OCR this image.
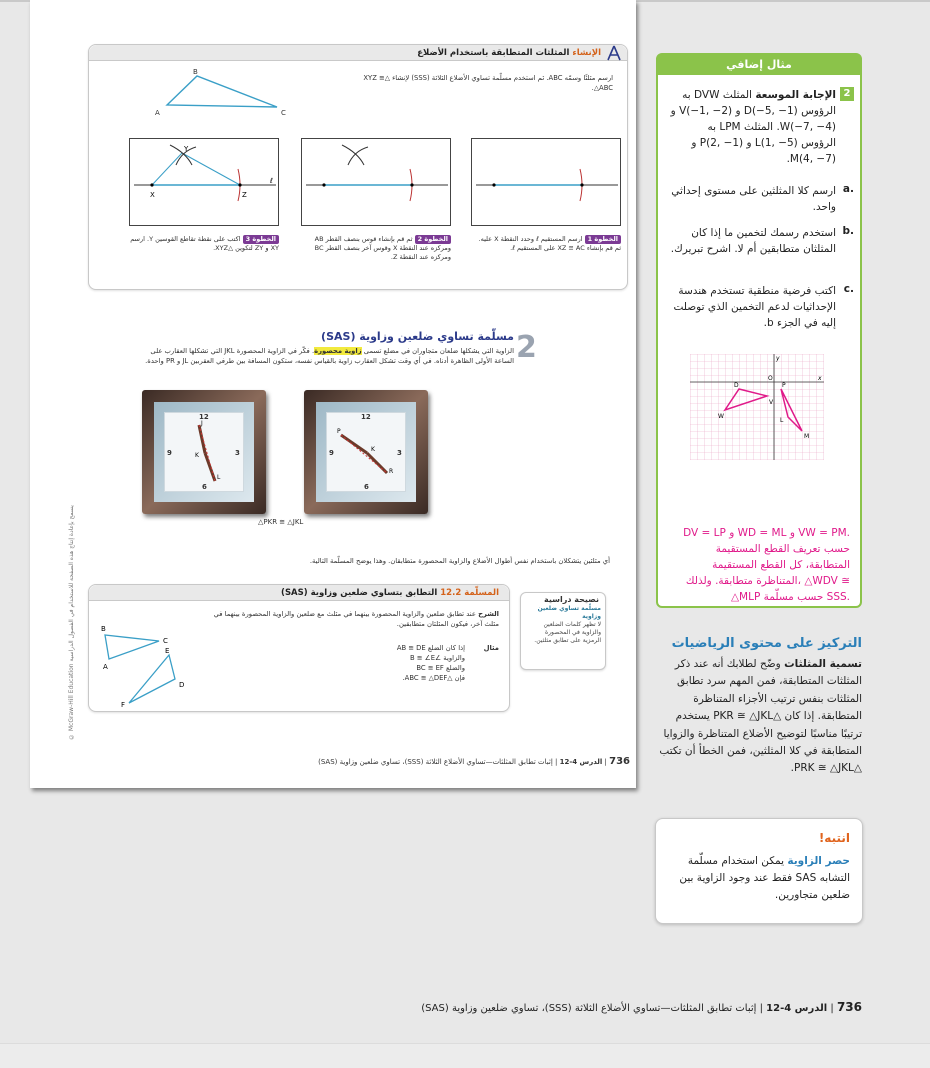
© McGraw-Hill Education يسمح بإعادة إنتاج هذه الصفحة للاستخدام في الفصول الدراسية
الإنشاء المثلثات المتطابقة باستخدام الأضلاع
ارسم مثلثًا وسمّه ABC. ثم استخدم مسلّمة تساوي الأضلاع الثلاثة (SSS) لإنشاء △XYZ ≅ △ABC.
B
A	C
X	Z
ℓ
Y
الخطوة 3 اكتب على نقطة تقاطع القوسين Y. ارسم XY و ZY لتكوين △XYZ.
الخطوة 2 ثم قم بإنشاء قوس بنصف القطر AB ومركزه عند النقطة X وقوس آخر بنصف القطر BC ومركزه عند النقطة Z.
الخطوة 1 ارسم المستقيم ℓ وحدد النقطة X عليه. ثم قم بإنشاء XZ ≅ AC على المستقيم ℓ.
2
مسلّمة تساوي ضلعين وزاوية (SAS)
الزاوية التي يشكلها ضلعان متجاوران في مضلع تسمى زاوية محصورة. فكّر في الزاوية المحصورة JKL التي تشكلها العقارب على الساعة الأولى الظاهرة أدناه. في أي وقت تشكل العقارب زاوية بالقياس نفسه، ستكون المسافة بين طرفي العقربين JL و PR واحدة.
12
3
6
9
J
K
L
12
3
6
9
P
K
R
△PKR ≅ △JKL
أي مثلثين يتشكلان باستخدام نفس أطوال الأضلاع والزاوية المحصورة متطابقان. وهذا يوضح المسلّمة التالية.
المسلّمة 12.2 التطابق بتساوي ضلعين وزاوية (SAS)
الشرح عند تطابق ضلعين والزاوية المحصورة بينهما في مثلث مع ضلعين والزاوية المحصورة بينهما في مثلث آخر، فيكون المثلثان متطابقين.
مثال
إذا كان الضلع AB ≅ DE
والزاوية ∠B ≅ ∠E
والضلع BC ≅ EF
فإن △ABC ≅ △DEF.
B
C
A
E
F
D
نصيحة دراسية
مسلّمة تساوي ضلعين وزاوية
لا تظهر كلمات الضلعين والزاوية في المحصورة الرمزية على تطابق مثلثين.
736 | الدرس 4-12 | إثبات تطابق المثلثات—تساوي الأضلاع الثلاثة (SSS)، تساوي ضلعين وزاوية (SAS)
مثال إضافي
2
الإجابة الموسعة المثلث DVW به الرؤوس D(−5, −1) و V(−1, −2) و W(−7, −4). المثلث LPM به الرؤوس L(1, −5) و P(2, −1) و M(4, −7).
a.
ارسم كلا المثلثين على مستوى إحداثي واحد.
b.
استخدم رسمك لتخمين ما إذا كان المثلثان متطابقين أم لا. اشرح تبريرك.
c.
اكتب فرضية منطقية تستخدم هندسة الإحداثيات لدعم التخمين الذي توصلت إليه في الجزء b.
DV = LP و WD = ML و VW = PM. حسب تعريف القطع المستقيمة المتطابقة، كل القطع المستقيمة المتناظرة متطابقة. ولذلك، △WDV ≅ △MLP حسب مسلّمة SSS.
D
V
W
P
L
M
O
y
x
التركيز على محتوى الرياضيات
تسمية المثلثات وضّح لطلابك أنه عند ذكر المثلثات المتطابقة، فمن المهم سرد تطابق المثلثات بنفس ترتيب الأجزاء المتناظرة المتطابقة. إذا كان △PKR ≅ △JKL يستخدم ترتيبًا مناسبًا لتوضيح الأضلاع المتناظرة والزوايا المتطابقة في كلا المثلثين، فمن الخطأ أن تكتب △PRK ≅ △JKL.
انتبه!
حصر الزاوية يمكن استخدام مسلّمة التشابه SAS فقط عند وجود الزاوية بين ضلعين متجاورين.
736 | الدرس 4-12 | إثبات تطابق المثلثات—تساوي الأضلاع الثلاثة (SSS)، تساوي ضلعين وزاوية (SAS)
